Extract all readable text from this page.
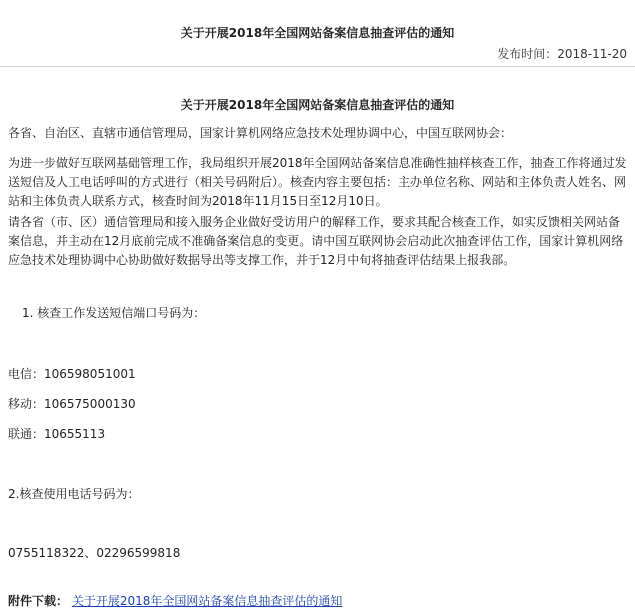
关于开展2018年全国网站备案信息抽查评估的通知
发布时间：2018-11-20
关于开展2018年全国网站备案信息抽查评估的通知
各省、自治区、直辖市通信管理局，国家计算机网络应急技术处理协调中心，中国互联网协会：
为进一步做好互联网基础管理工作，我局组织开展2018年全国网站备案信息准确性抽样核查工作，抽查工作将通过发送短信及人工电话呼叫的方式进行（相关号码附后）。核查内容主要包括：主办单位名称、网站和主体负责人姓名、网站和主体负责人联系方式，核查时间为2018年11月15日至12月10日。
请各省（市、区）通信管理局和接入服务企业做好受访用户的解释工作，要求其配合核查工作，如实反馈相关网站备案信息，并主动在12月底前完成不准确备案信息的变更。请中国互联网协会启动此次抽查评估工作，国家计算机网络应急技术处理协调中心协助做好数据导出等支撑工作，并于12月中旬将抽查评估结果上报我部。
1. 核查工作发送短信端口号码为：
电信：106598051001
移动：106575000130
联通：10655113
2.核查使用电话号码为：
0755118322、02296599818
附件下载： 关于开展2018年全国网站备案信息抽查评估的通知
